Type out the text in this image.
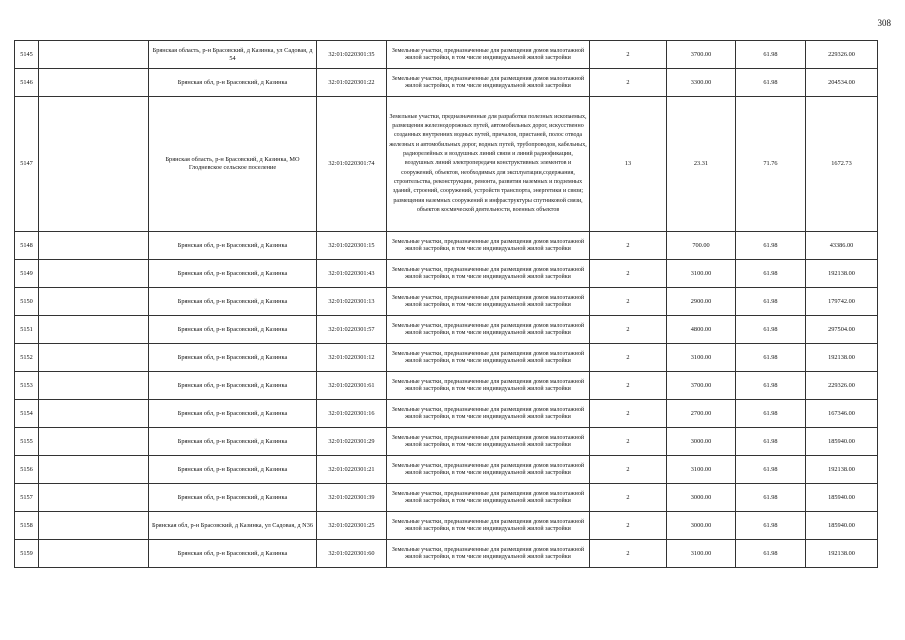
308
5145		Брянская область, р-н Брасовский, д Казинка, ул Садовая, д 54	32:01:0220301:35	Земельные участки, предназначенные для размещения домов малоэтажной жилой застройки, в том числе индивидуальной жилой застройки	2	3700.00	61.98	229326.00
5146		Брянская обл, р-н Брасовский, д Казинка	32:01:0220301:22	Земельные участки, предназначенные для размещения домов малоэтажной жилой застройки, в том числе индивидуальной жилой застройки	2	3300.00	61.98	204534.00
5147		Брянская область, р-н Брасовский, д Казинка, МО Глодневское сельское поселение	32:01:0220301:74	Земельные участки, предназначенные для разработки полезных ископаемых, размещения железнодорожных путей, автомобильных дорог, искусственно созданных внутренних водных путей, причалов, пристаней, полос отвода железных и автомобильных дорог, водных путей, трубопроводов, кабельных, радиорелейных и воздушных линий связи и линий радиофикации, воздушных линий электропередачи конструктивных элементов и сооружений, объектов, необходимых для эксплуатации,содержания, строительства, реконструкции, ремонта, развития наземных и подземных зданий, строений, сооружений, устройств транспорта, энергетики и связи; размещения наземных сооружений и инфраструктуры спутниковой связи, объектов космической деятельности, военных объектов	13	23.31	71.76	1672.73
5148		Брянская обл, р-н Брасовский, д Казинка	32:01:0220301:15	Земельные участки, предназначенные для размещения домов малоэтажной жилой застройки, в том числе индивидуальной жилой застройки	2	700.00	61.98	43386.00
5149		Брянская обл, р-н Брасовский, д Казинка	32:01:0220301:43	Земельные участки, предназначенные для размещения домов малоэтажной жилой застройки, в том числе индивидуальной жилой застройки	2	3100.00	61.98	192138.00
5150		Брянская обл, р-н Брасовский, д Казинка	32:01:0220301:13	Земельные участки, предназначенные для размещения домов малоэтажной жилой застройки, в том числе индивидуальной жилой застройки	2	2900.00	61.98	179742.00
5151		Брянская обл, р-н Брасовский, д Казинка	32:01:0220301:57	Земельные участки, предназначенные для размещения домов малоэтажной жилой застройки, в том числе индивидуальной жилой застройки	2	4800.00	61.98	297504.00
5152		Брянская обл, р-н Брасовский, д Казинка	32:01:0220301:12	Земельные участки, предназначенные для размещения домов малоэтажной жилой застройки, в том числе индивидуальной жилой застройки	2	3100.00	61.98	192138.00
5153		Брянская обл, р-н Брасовский, д Казинка	32:01:0220301:61	Земельные участки, предназначенные для размещения домов малоэтажной жилой застройки, в том числе индивидуальной жилой застройки	2	3700.00	61.98	229326.00
5154		Брянская обл, р-н Брасовский, д Казинка	32:01:0220301:16	Земельные участки, предназначенные для размещения домов малоэтажной жилой застройки, в том числе индивидуальной жилой застройки	2	2700.00	61.98	167346.00
5155		Брянская обл, р-н Брасовский, д Казинка	32:01:0220301:29	Земельные участки, предназначенные для размещения домов малоэтажной жилой застройки, в том числе индивидуальной жилой застройки	2	3000.00	61.98	185940.00
5156		Брянская обл, р-н Брасовский, д Казинка	32:01:0220301:21	Земельные участки, предназначенные для размещения домов малоэтажной жилой застройки, в том числе индивидуальной жилой застройки	2	3100.00	61.98	192138.00
5157		Брянская обл, р-н Брасовский, д Казинка	32:01:0220301:39	Земельные участки, предназначенные для размещения домов малоэтажной жилой застройки, в том числе индивидуальной жилой застройки	2	3000.00	61.98	185940.00
5158		Брянская обл, р-н Брасовский, д Казинка, ул Садовая, д N36	32:01:0220301:25	Земельные участки, предназначенные для размещения домов малоэтажной жилой застройки, в том числе индивидуальной жилой застройки	2	3000.00	61.98	185940.00
5159		Брянская обл, р-н Брасовский, д Казинка	32:01:0220301:60	Земельные участки, предназначенные для размещения домов малоэтажной жилой застройки, в том числе индивидуальной жилой застройки	2	3100.00	61.98	192138.00
